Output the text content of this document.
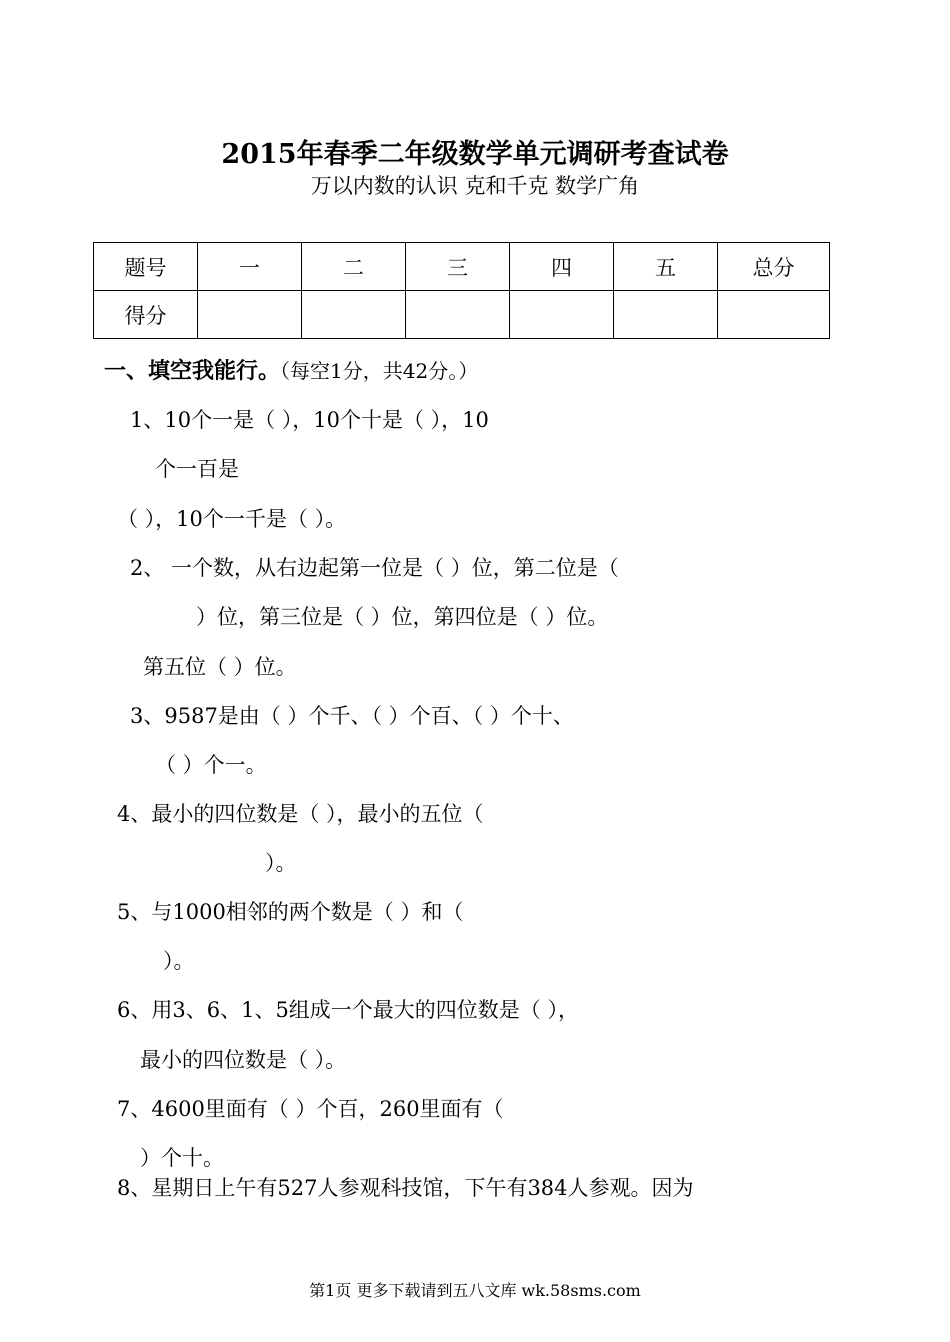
2015年春季二年级数学单元调研考查试卷
万以内数的认识 克和千克 数学广角
题号	一	二	三	四	五	总分
得分						
一、填空我能行。（每空1分，共42分。）
1、10个一是（ ），10个十是（ ），10
个一百是
（ ），10个一千是（ ）。
2、 一个数，从右边起第一位是（ ）位，第二位是（
）位，第三位是（ ）位，第四位是（ ）位。
第五位（ ）位。
3、9587是由（ ）个千、（ ）个百、（ ）个十、
（ ）个一。
4、最小的四位数是（ ），最小的五位（
）。
5、与1000相邻的两个数是（ ）和（
）。
6、用3、6、1、5组成一个最大的四位数是（ ），
最小的四位数是（ ）。
7、4600里面有（ ）个百，260里面有（
）个十。
8、星期日上午有527人参观科技馆，下午有384人参观。因为
第1页 更多下载请到五八文库 wk.58sms.com
